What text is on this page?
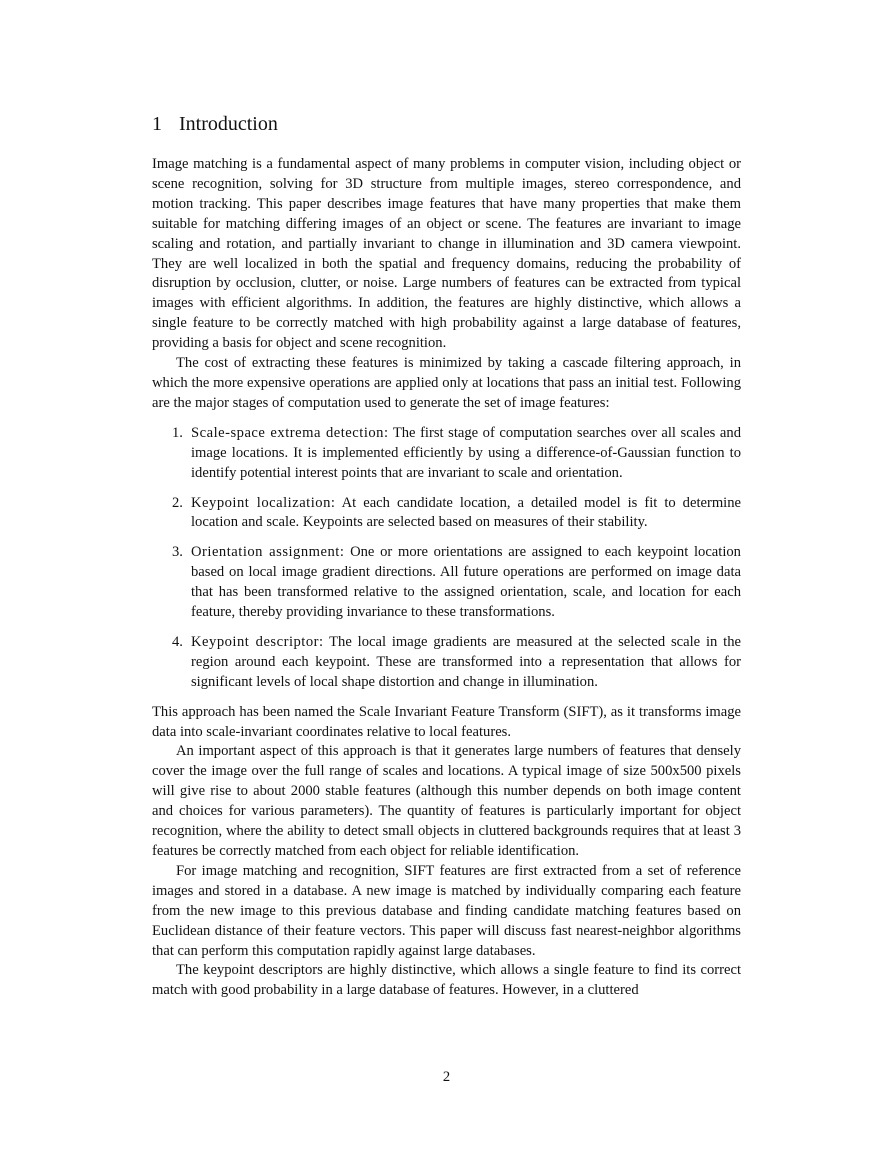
1 Introduction

Image matching is a fundamental aspect of many problems in computer vision, including object or scene recognition, solving for 3D structure from multiple images, stereo correspondence, and motion tracking. This paper describes image features that have many properties that make them suitable for matching differing images of an object or scene. The features are invariant to image scaling and rotation, and partially invariant to change in illumination and 3D camera viewpoint. They are well localized in both the spatial and frequency domains, reducing the probability of disruption by occlusion, clutter, or noise. Large numbers of features can be extracted from typical images with efficient algorithms. In addition, the features are highly distinctive, which allows a single feature to be correctly matched with high probability against a large database of features, providing a basis for object and scene recognition.

The cost of extracting these features is minimized by taking a cascade filtering approach, in which the more expensive operations are applied only at locations that pass an initial test. Following are the major stages of computation used to generate the set of image features:

1. Scale-space extrema detection: The first stage of computation searches over all scales and image locations. It is implemented efficiently by using a difference-of-Gaussian function to identify potential interest points that are invariant to scale and orientation.
2. Keypoint localization: At each candidate location, a detailed model is fit to determine location and scale. Keypoints are selected based on measures of their stability.
3. Orientation assignment: One or more orientations are assigned to each keypoint location based on local image gradient directions. All future operations are performed on image data that has been transformed relative to the assigned orientation, scale, and location for each feature, thereby providing invariance to these transformations.
4. Keypoint descriptor: The local image gradients are measured at the selected scale in the region around each keypoint. These are transformed into a representation that allows for significant levels of local shape distortion and change in illumination.

This approach has been named the Scale Invariant Feature Transform (SIFT), as it transforms image data into scale-invariant coordinates relative to local features.

An important aspect of this approach is that it generates large numbers of features that densely cover the image over the full range of scales and locations. A typical image of size 500x500 pixels will give rise to about 2000 stable features (although this number depends on both image content and choices for various parameters). The quantity of features is particularly important for object recognition, where the ability to detect small objects in cluttered backgrounds requires that at least 3 features be correctly matched from each object for reliable identification.

For image matching and recognition, SIFT features are first extracted from a set of reference images and stored in a database. A new image is matched by individually comparing each feature from the new image to this previous database and finding candidate matching features based on Euclidean distance of their feature vectors. This paper will discuss fast nearest-neighbor algorithms that can perform this computation rapidly against large databases.

The keypoint descriptors are highly distinctive, which allows a single feature to find its correct match with good probability in a large database of features. However, in a cluttered

2
